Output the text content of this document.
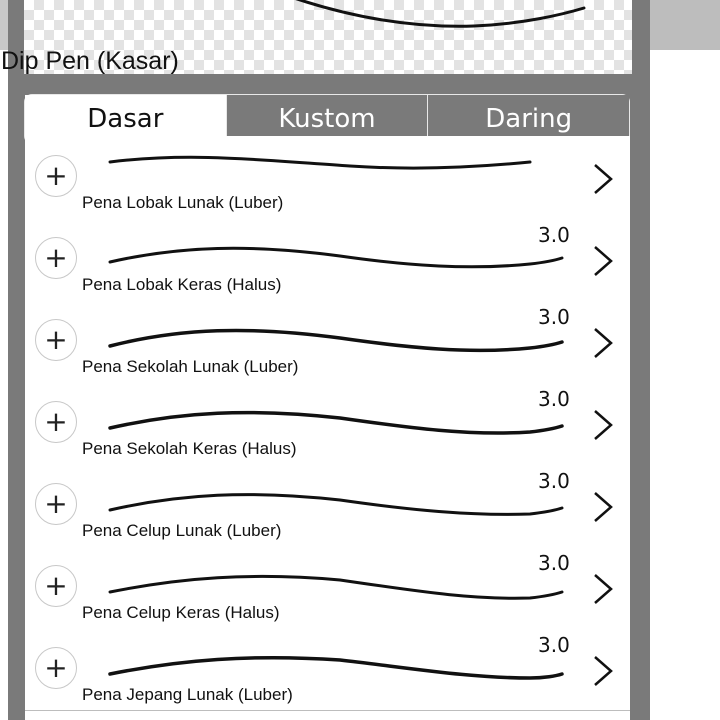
Dip Pen (Kasar)
Dasar	Kustom	Daring
+
Pena Lobak Lunak (Luber)
+
3.0
Pena Lobak Keras (Halus)
+
3.0
Pena Sekolah Lunak (Luber)
+
3.0
Pena Sekolah Keras (Halus)
+
3.0
Pena Celup Lunak (Luber)
+
3.0
Pena Celup Keras (Halus)
+
3.0
Pena Jepang Lunak (Luber)
